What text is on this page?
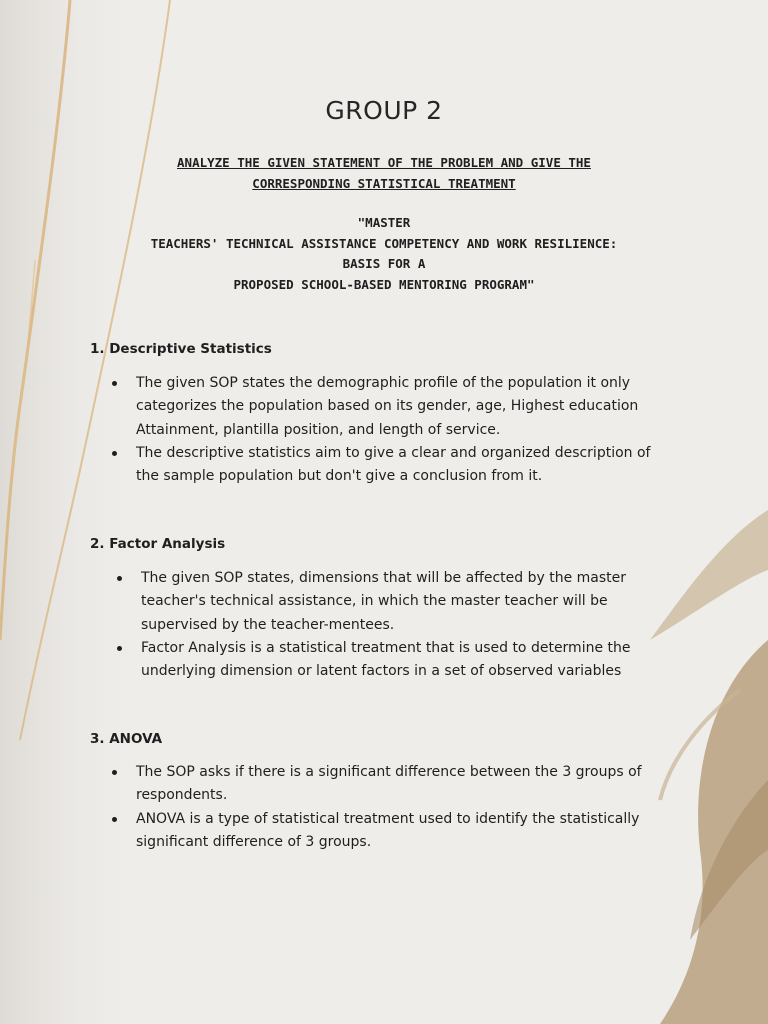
GROUP 2
ANALYZE THE GIVEN STATEMENT OF THE PROBLEM AND GIVE THE
CORRESPONDING STATISTICAL TREATMENT
"MASTER
TEACHERS' TECHNICAL ASSISTANCE COMPETENCY AND WORK RESILIENCE:
BASIS FOR A
PROPOSED SCHOOL-BASED MENTORING PROGRAM"
1. Descriptive Statistics
The given SOP states the demographic profile of the population it only categorizes the population based on its gender, age, Highest education Attainment, plantilla position, and length of service.
The descriptive statistics aim to give a clear and organized description of the sample population but don't give a conclusion from it.
2. Factor Analysis
The given SOP states, dimensions that will be affected by the master teacher's technical assistance, in which the master teacher will be supervised by the teacher-mentees.
Factor Analysis is a statistical treatment that is used to determine the underlying dimension or latent factors in a set of observed variables
3. ANOVA
The SOP asks if there is a significant difference between the 3 groups of respondents.
ANOVA is a type of statistical treatment used to identify the statistically significant difference of 3 groups.
